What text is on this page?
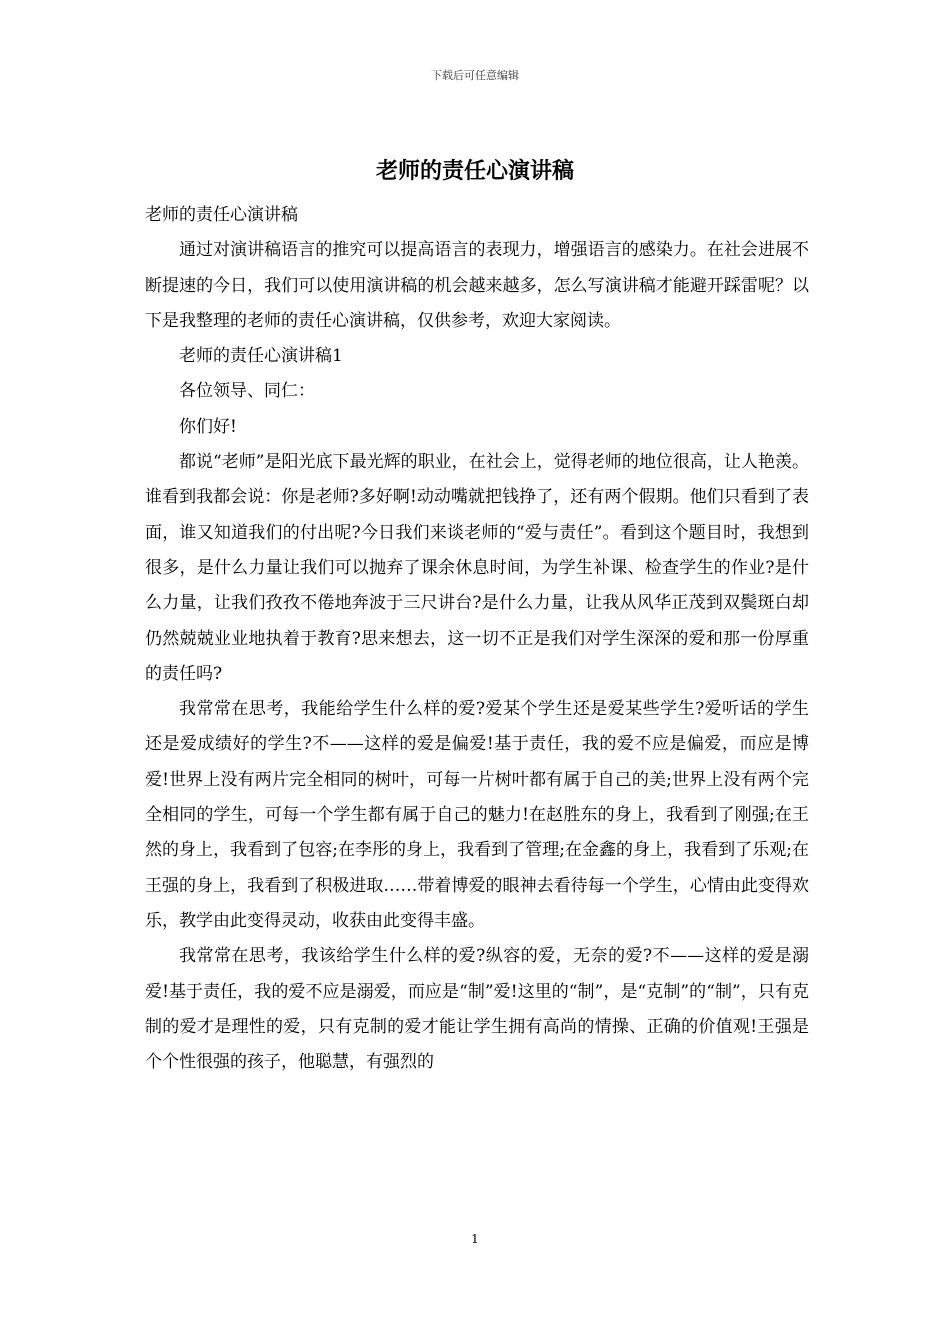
下载后可任意编辑
老师的责任心演讲稿

老师的责任心演讲稿

通过对演讲稿语言的推究可以提高语言的表现力，增强语言的感染力。在社会进展不断提速的今日，我们可以使用演讲稿的机会越来越多，怎么写演讲稿才能避开踩雷呢？以下是我整理的老师的责任心演讲稿，仅供参考，欢迎大家阅读。

老师的责任心演讲稿1

各位领导、同仁：

你们好!

都说“老师”是阳光底下最光辉的职业，在社会上，觉得老师的地位很高，让人艳羡。谁看到我都会说：你是老师?多好啊!动动嘴就把钱挣了，还有两个假期。他们只看到了表面，谁又知道我们的付出呢?今日我们来谈老师的“爱与责任”。看到这个题目时，我想到很多，是什么力量让我们可以抛弃了课余休息时间，为学生补课、检查学生的作业?是什么力量，让我们孜孜不倦地奔波于三尺讲台?是什么力量，让我从风华正茂到双鬓斑白却仍然兢兢业业地执着于教育?思来想去，这一切不正是我们对学生深深的爱和那一份厚重的责任吗?

我常常在思考，我能给学生什么样的爱?爱某个学生还是爱某些学生?爱听话的学生还是爱成绩好的学生?不——这样的爱是偏爱!基于责任，我的爱不应是偏爱，而应是博爱!世界上没有两片完全相同的树叶，可每一片树叶都有属于自己的美;世界上没有两个完全相同的学生，可每一个学生都有属于自己的魅力!在赵胜东的身上，我看到了刚强;在王然的身上，我看到了包容;在李彤的身上，我看到了管理;在金鑫的身上，我看到了乐观;在王强的身上，我看到了积极进取……带着博爱的眼神去看待每一个学生，心情由此变得欢乐，教学由此变得灵动，收获由此变得丰盛。

我常常在思考，我该给学生什么样的爱?纵容的爱，无奈的爱?不——这样的爱是溺爱!基于责任，我的爱不应是溺爱，而应是“制”爱!这里的“制”，是“克制”的“制”，只有克制的爱才是理性的爱，只有克制的爱才能让学生拥有高尚的情操、正确的价值观!王强是个个性很强的孩子，他聪慧，有强烈的

1
